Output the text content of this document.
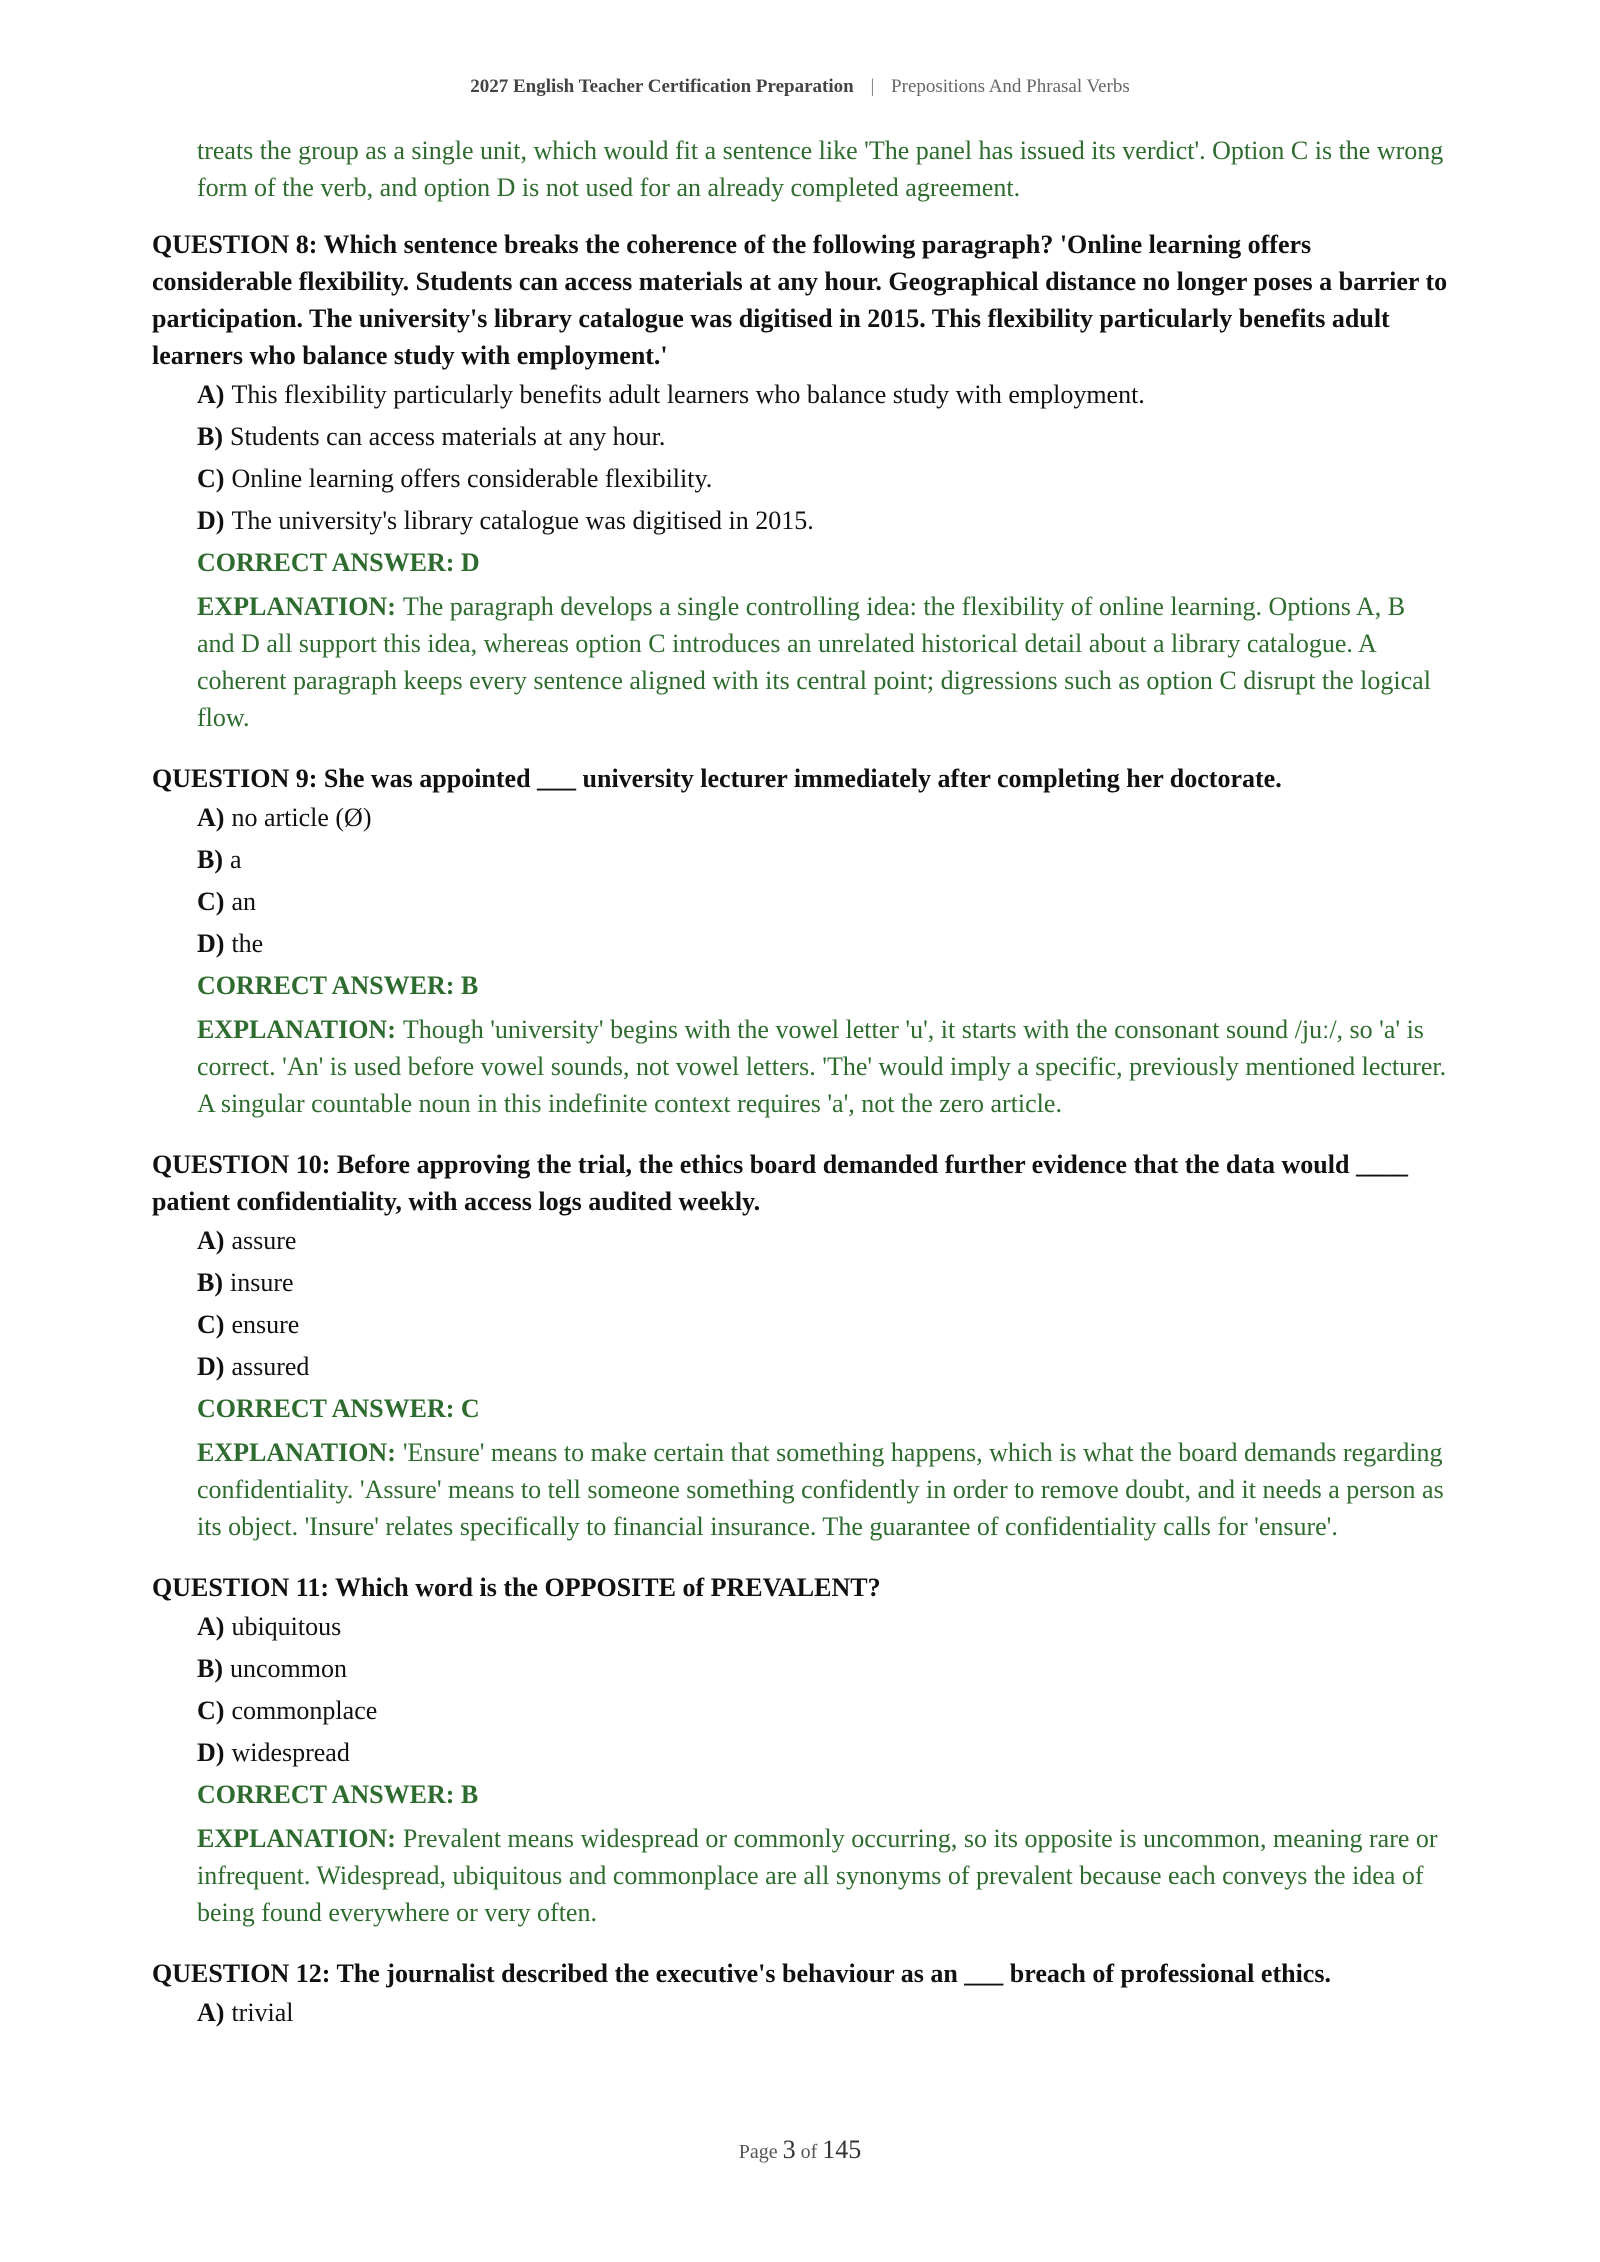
2027 English Teacher Certification Preparation | Prepositions And Phrasal Verbs
treats the group as a single unit, which would fit a sentence like 'The panel has issued its verdict'. Option C is the wrong form of the verb, and option D is not used for an already completed agreement.
QUESTION 8: Which sentence breaks the coherence of the following paragraph? 'Online learning offers considerable flexibility. Students can access materials at any hour. Geographical distance no longer poses a barrier to participation. The university's library catalogue was digitised in 2015. This flexibility particularly benefits adult learners who balance study with employment.'
A) This flexibility particularly benefits adult learners who balance study with employment.
B) Students can access materials at any hour.
C) Online learning offers considerable flexibility.
D) The university's library catalogue was digitised in 2015.
CORRECT ANSWER: D
EXPLANATION: The paragraph develops a single controlling idea: the flexibility of online learning. Options A, B and D all support this idea, whereas option C introduces an unrelated historical detail about a library catalogue. A coherent paragraph keeps every sentence aligned with its central point; digressions such as option C disrupt the logical flow.
QUESTION 9: She was appointed ___ university lecturer immediately after completing her doctorate.
A) no article (Ø)
B) a
C) an
D) the
CORRECT ANSWER: B
EXPLANATION: Though 'university' begins with the vowel letter 'u', it starts with the consonant sound /juː/, so 'a' is correct. 'An' is used before vowel sounds, not vowel letters. 'The' would imply a specific, previously mentioned lecturer. A singular countable noun in this indefinite context requires 'a', not the zero article.
QUESTION 10: Before approving the trial, the ethics board demanded further evidence that the data would ____ patient confidentiality, with access logs audited weekly.
A) assure
B) insure
C) ensure
D) assured
CORRECT ANSWER: C
EXPLANATION: 'Ensure' means to make certain that something happens, which is what the board demands regarding confidentiality. 'Assure' means to tell someone something confidently in order to remove doubt, and it needs a person as its object. 'Insure' relates specifically to financial insurance. The guarantee of confidentiality calls for 'ensure'.
QUESTION 11: Which word is the OPPOSITE of PREVALENT?
A) ubiquitous
B) uncommon
C) commonplace
D) widespread
CORRECT ANSWER: B
EXPLANATION: Prevalent means widespread or commonly occurring, so its opposite is uncommon, meaning rare or infrequent. Widespread, ubiquitous and commonplace are all synonyms of prevalent because each conveys the idea of being found everywhere or very often.
QUESTION 12: The journalist described the executive's behaviour as an ___ breach of professional ethics.
A) trivial
Page 3 of 145
